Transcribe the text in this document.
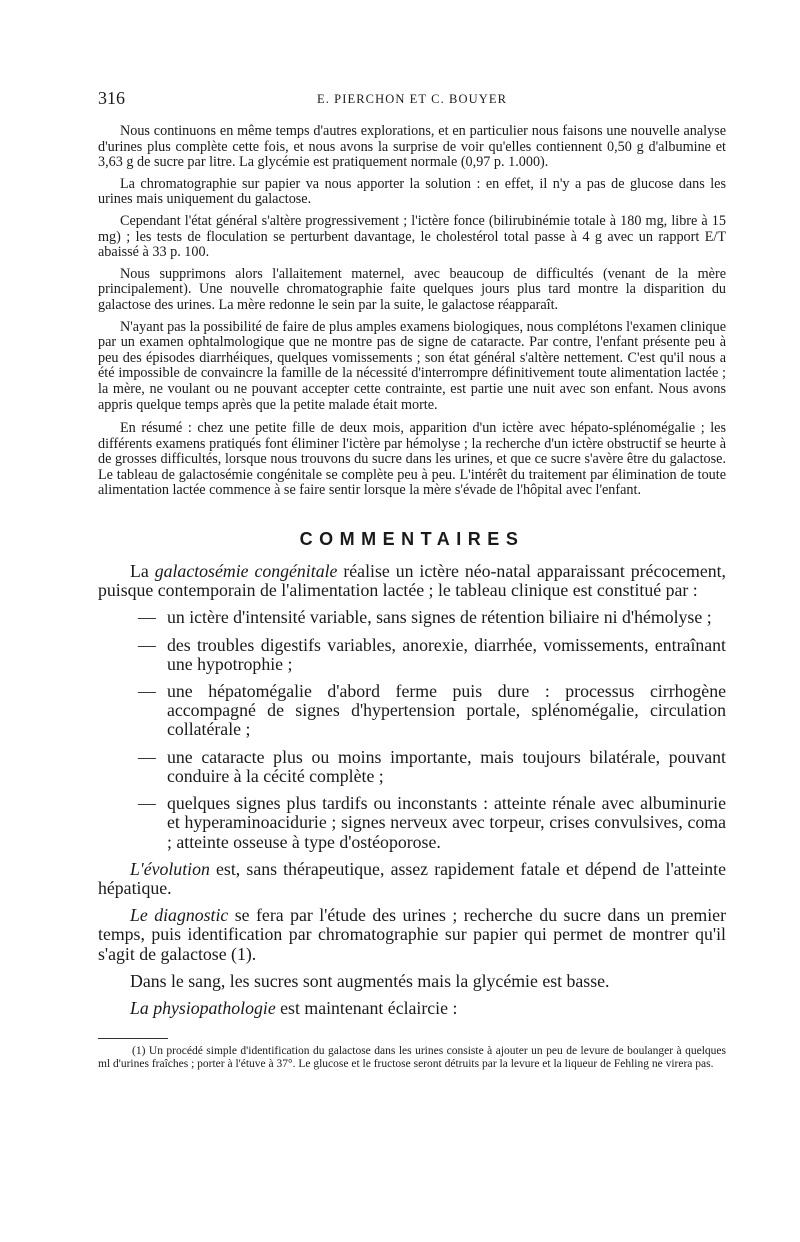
316	E. PIERCHON ET C. BOUYER

Nous continuons en même temps d'autres explorations, et en particulier nous faisons une nouvelle analyse d'urines plus complète cette fois, et nous avons la surprise de voir qu'elles contiennent 0,50 g d'albumine et 3,63 g de sucre par litre. La glycémie est pratiquement normale (0,97 p. 1.000).

La chromatographie sur papier va nous apporter la solution : en effet, il n'y a pas de glucose dans les urines mais uniquement du galactose.

Cependant l'état général s'altère progressivement ; l'ictère fonce (bilirubinémie totale à 180 mg, libre à 15 mg) ; les tests de floculation se perturbent davantage, le cholestérol total passe à 4 g avec un rapport E/T abaissé à 33 p. 100.

Nous supprimons alors l'allaitement maternel, avec beaucoup de difficultés (venant de la mère principalement). Une nouvelle chromatographie faite quelques jours plus tard montre la disparition du galactose des urines. La mère redonne le sein par la suite, le galactose réapparaît.

N'ayant pas la possibilité de faire de plus amples examens biologiques, nous complétons l'examen clinique par un examen ophtalmologique que ne montre pas de signe de cataracte. Par contre, l'enfant présente peu à peu des épisodes diarrhéiques, quelques vomissements ; son état général s'altère nettement. C'est qu'il nous a été impossible de convaincre la famille de la nécessité d'interrompre définitivement toute alimentation lactée ; la mère, ne voulant ou ne pouvant accepter cette contrainte, est partie une nuit avec son enfant. Nous avons appris quelque temps après que la petite malade était morte.

En résumé : chez une petite fille de deux mois, apparition d'un ictère avec hépato-splénomégalie ; les différents examens pratiqués font éliminer l'ictère par hémolyse ; la recherche d'un ictère obstructif se heurte à de grosses difficultés, lorsque nous trouvons du sucre dans les urines, et que ce sucre s'avère être du galactose. Le tableau de galactosémie congénitale se complète peu à peu. L'intérêt du traitement par élimination de toute alimentation lactée commence à se faire sentir lorsque la mère s'évade de l'hôpital avec l'enfant.

COMMENTAIRES

La galactosémie congénitale réalise un ictère néo-natal apparaissant précocement, puisque contemporain de l'alimentation lactée ; le tableau clinique est constitué par :

— un ictère d'intensité variable, sans signes de rétention biliaire ni d'hémolyse ;
— des troubles digestifs variables, anorexie, diarrhée, vomissements, entraînant une hypotrophie ;
— une hépatomégalie d'abord ferme puis dure : processus cirrhogène accompagné de signes d'hypertension portale, splénomégalie, circulation collatérale ;
— une cataracte plus ou moins importante, mais toujours bilatérale, pouvant conduire à la cécité complète ;
— quelques signes plus tardifs ou inconstants : atteinte rénale avec albuminurie et hyperaminoacidurie ; signes nerveux avec torpeur, crises convulsives, coma ; atteinte osseuse à type d'ostéoporose.

L'évolution est, sans thérapeutique, assez rapidement fatale et dépend de l'atteinte hépatique.

Le diagnostic se fera par l'étude des urines ; recherche du sucre dans un premier temps, puis identification par chromatographie sur papier qui permet de montrer qu'il s'agit de galactose (1).

Dans le sang, les sucres sont augmentés mais la glycémie est basse.

La physiopathologie est maintenant éclaircie :

(1) Un procédé simple d'identification du galactose dans les urines consiste à ajouter un peu de levure de boulanger à quelques ml d'urines fraîches ; porter à l'étuve à 37°. Le glucose et le fructose seront détruits par la levure et la liqueur de Fehling ne virera pas.
